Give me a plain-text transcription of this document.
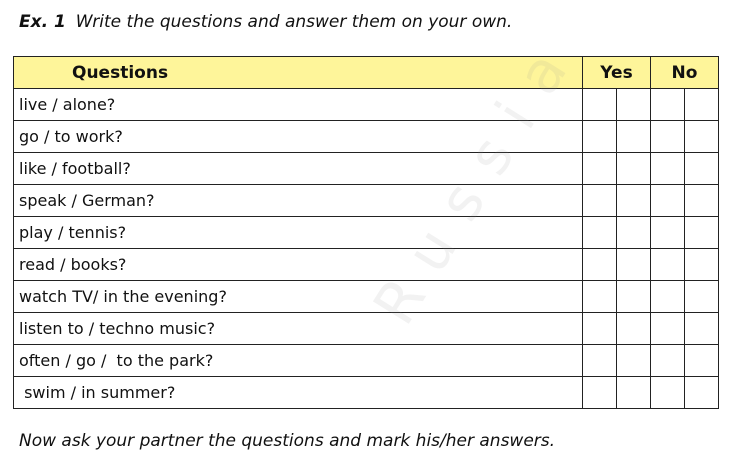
Ex. 1 Write the questions and answer them on your own.
Questions	Yes		No	
live / alone?				
go / to work?				
like / football?				
speak / German?				
play / tennis?				
read / books?				
watch TV/ in the evening?				
listen to / techno music?				
often / go /  to the park?				
swim / in summer?				
Russia
Now ask your partner the questions and mark his/her answers.
